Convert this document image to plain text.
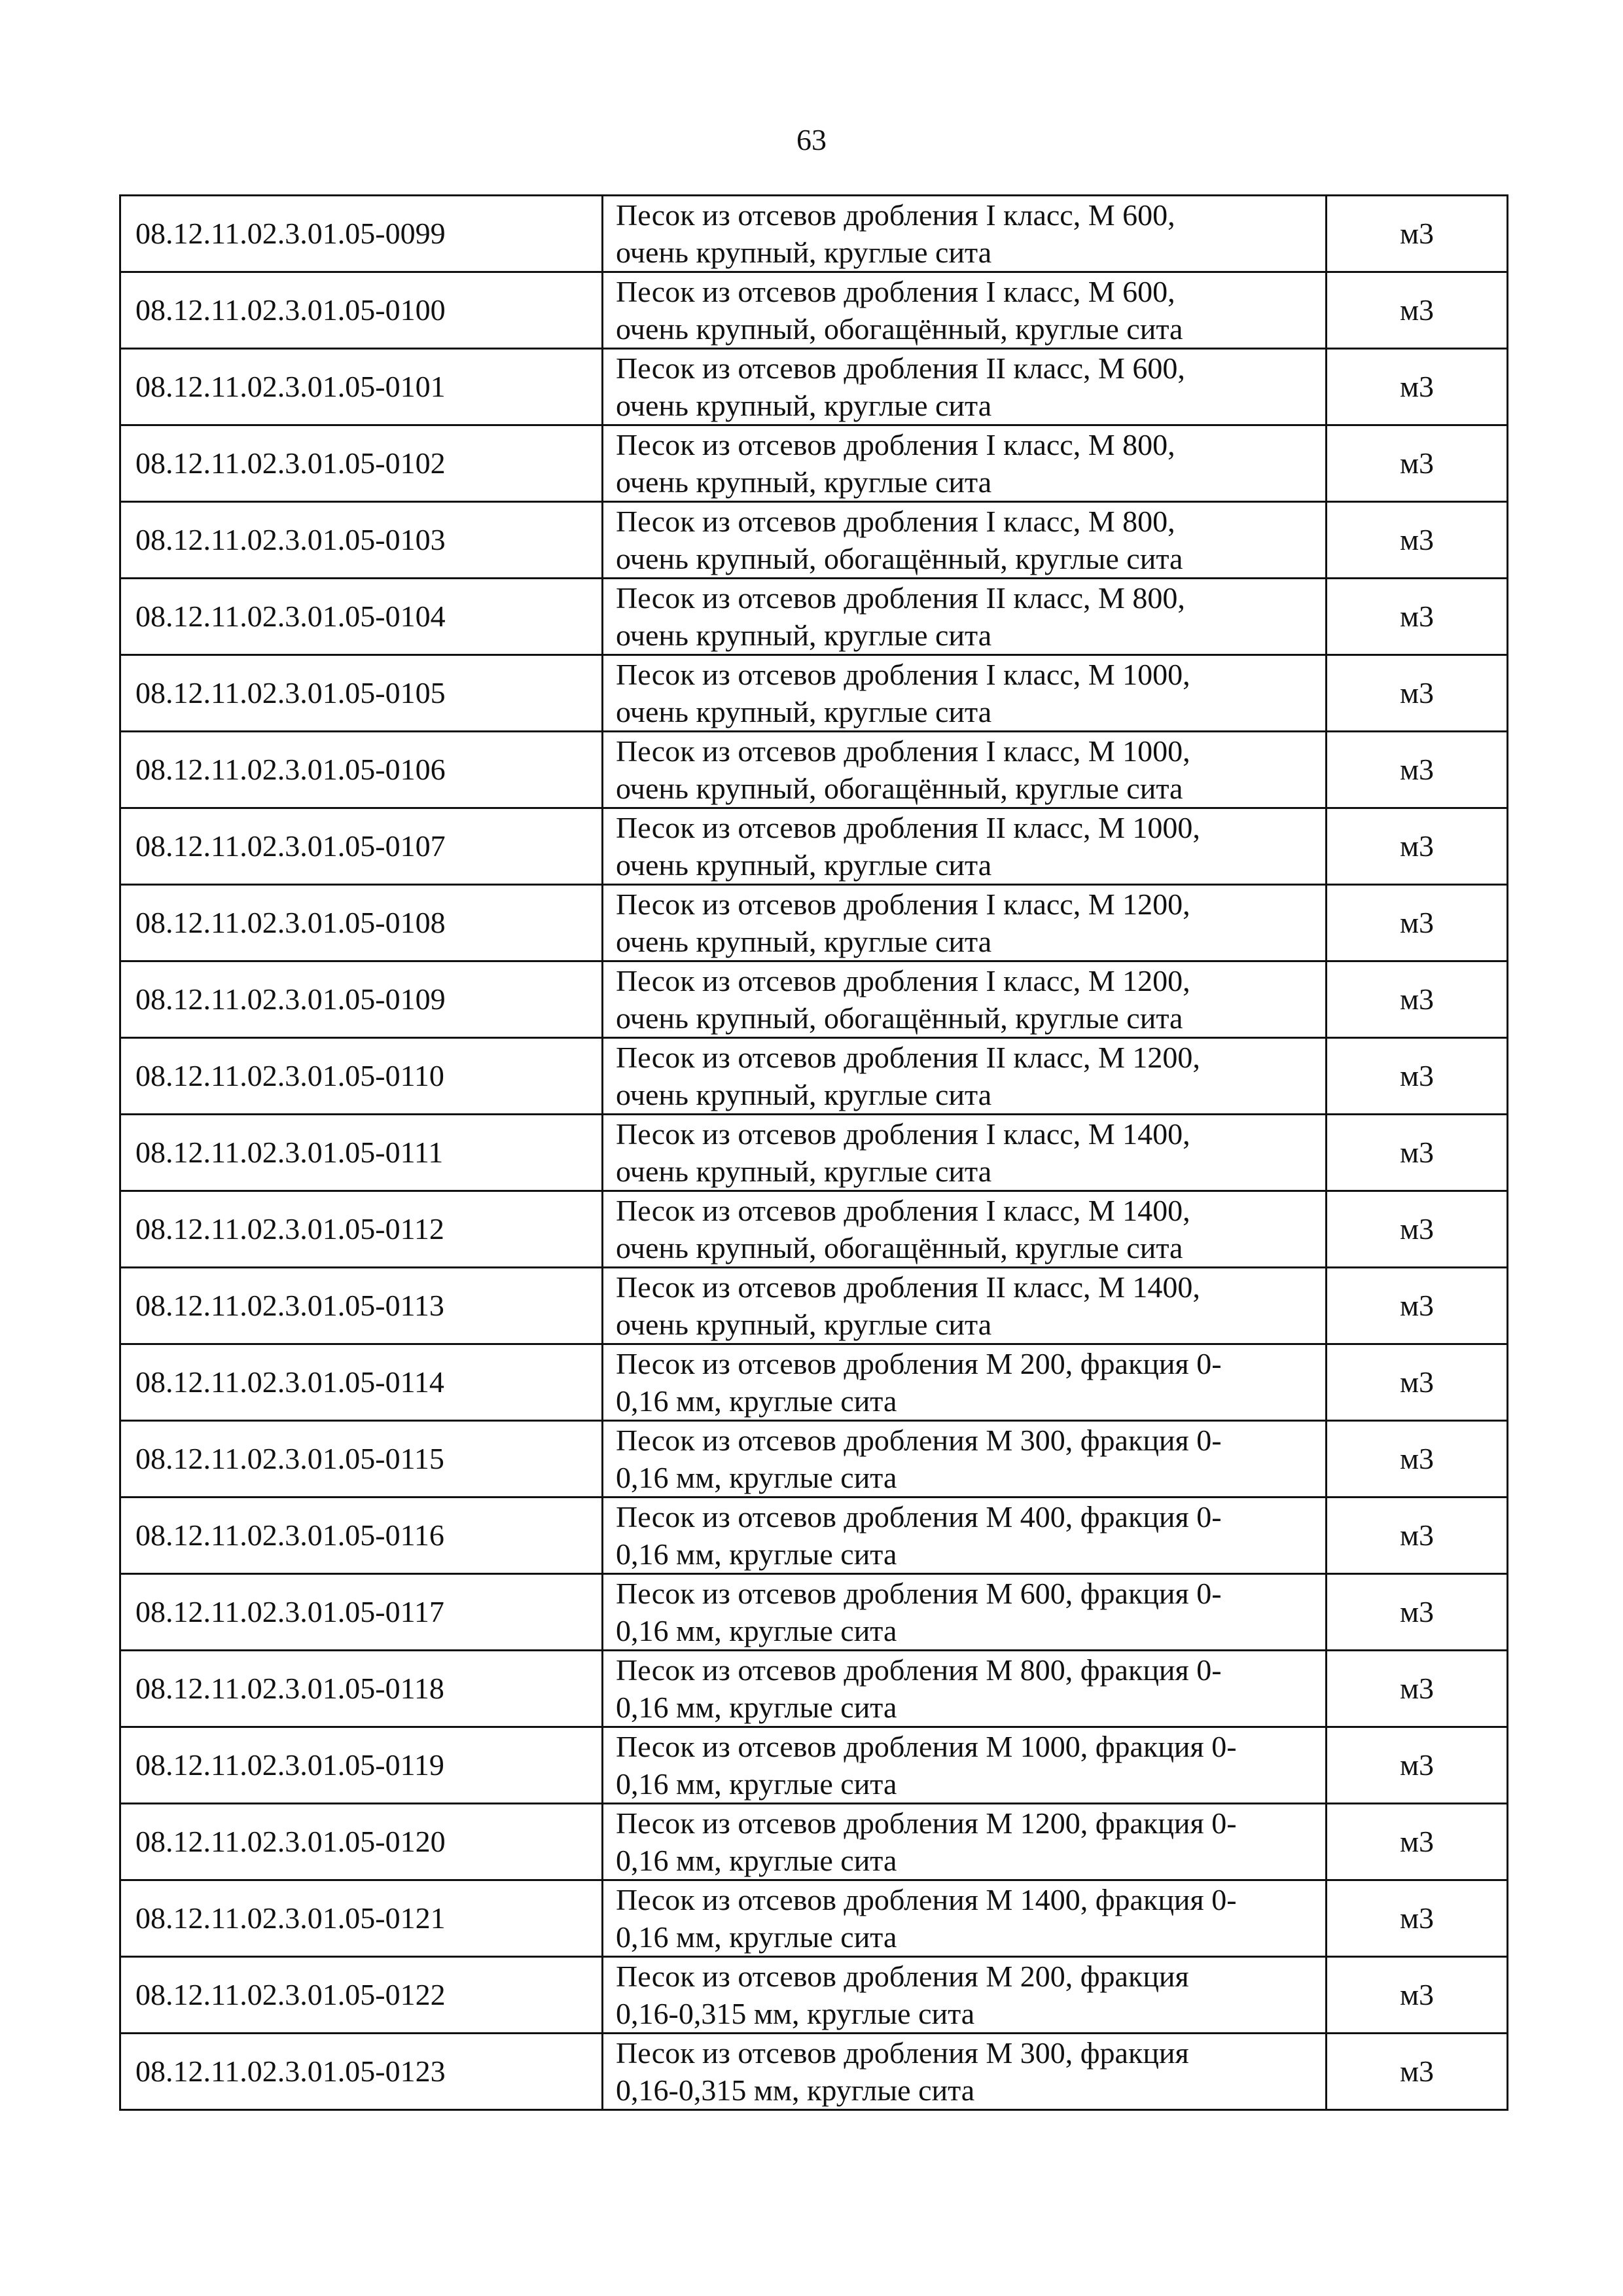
63
08.12.11.02.3.01.05-0099	Песок из отсевов дробления I класс, М 600,
очень крупный, круглые сита	м3
08.12.11.02.3.01.05-0100	Песок из отсевов дробления I класс, М 600,
очень крупный, обогащённый, круглые сита	м3
08.12.11.02.3.01.05-0101	Песок из отсевов дробления II класс, М 600,
очень крупный, круглые сита	м3
08.12.11.02.3.01.05-0102	Песок из отсевов дробления I класс, М 800,
очень крупный, круглые сита	м3
08.12.11.02.3.01.05-0103	Песок из отсевов дробления I класс, М 800,
очень крупный, обогащённый, круглые сита	м3
08.12.11.02.3.01.05-0104	Песок из отсевов дробления II класс, М 800,
очень крупный, круглые сита	м3
08.12.11.02.3.01.05-0105	Песок из отсевов дробления I класс, М 1000,
очень крупный, круглые сита	м3
08.12.11.02.3.01.05-0106	Песок из отсевов дробления I класс, М 1000,
очень крупный, обогащённый, круглые сита	м3
08.12.11.02.3.01.05-0107	Песок из отсевов дробления II класс, М 1000,
очень крупный, круглые сита	м3
08.12.11.02.3.01.05-0108	Песок из отсевов дробления I класс, М 1200,
очень крупный, круглые сита	м3
08.12.11.02.3.01.05-0109	Песок из отсевов дробления I класс, М 1200,
очень крупный, обогащённый, круглые сита	м3
08.12.11.02.3.01.05-0110	Песок из отсевов дробления II класс, М 1200,
очень крупный, круглые сита	м3
08.12.11.02.3.01.05-0111	Песок из отсевов дробления I класс, М 1400,
очень крупный, круглые сита	м3
08.12.11.02.3.01.05-0112	Песок из отсевов дробления I класс, М 1400,
очень крупный, обогащённый, круглые сита	м3
08.12.11.02.3.01.05-0113	Песок из отсевов дробления II класс, М 1400,
очень крупный, круглые сита	м3
08.12.11.02.3.01.05-0114	Песок из отсевов дробления М 200, фракция 0-
0,16 мм, круглые сита	м3
08.12.11.02.3.01.05-0115	Песок из отсевов дробления М 300, фракция 0-
0,16 мм, круглые сита	м3
08.12.11.02.3.01.05-0116	Песок из отсевов дробления М 400, фракция 0-
0,16 мм, круглые сита	м3
08.12.11.02.3.01.05-0117	Песок из отсевов дробления М 600, фракция 0-
0,16 мм, круглые сита	м3
08.12.11.02.3.01.05-0118	Песок из отсевов дробления М 800, фракция 0-
0,16 мм, круглые сита	м3
08.12.11.02.3.01.05-0119	Песок из отсевов дробления М 1000, фракция 0-
0,16 мм, круглые сита	м3
08.12.11.02.3.01.05-0120	Песок из отсевов дробления М 1200, фракция 0-
0,16 мм, круглые сита	м3
08.12.11.02.3.01.05-0121	Песок из отсевов дробления М 1400, фракция 0-
0,16 мм, круглые сита	м3
08.12.11.02.3.01.05-0122	Песок из отсевов дробления М 200, фракция
0,16-0,315 мм, круглые сита	м3
08.12.11.02.3.01.05-0123	Песок из отсевов дробления М 300, фракция
0,16-0,315 мм, круглые сита	м3
